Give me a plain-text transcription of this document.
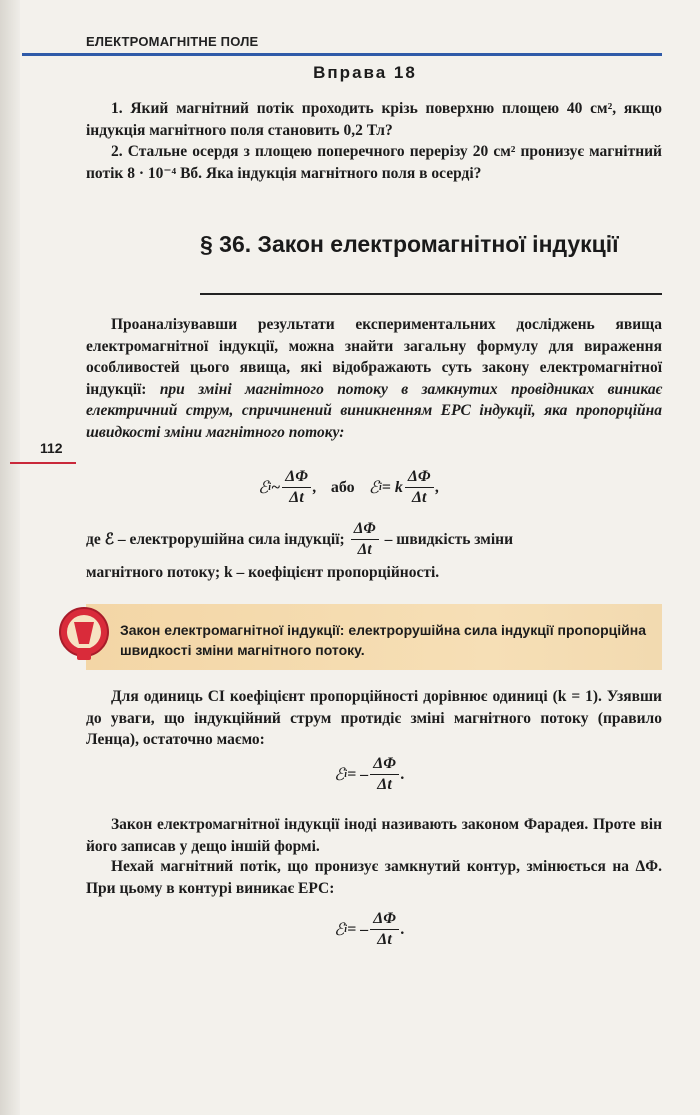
ЕЛЕКТРОМАГНІТНЕ ПОЛЕ
Вправа 18

1. Який магнітний потік проходить крізь поверхню площею 40 см², якщо індукція магнітного поля становить 0,2 Тл?

2. Стальне осердя з площею поперечного перерізу 20 см² пронизує магнітний потік 8 · 10⁻⁴ Вб. Яка індукція магнітного поля в осерді?

§ 36. Закон електромагнітної індукції

Проаналізувавши результати експериментальних досліджень явища електромагнітної індукції, можна знайти загальну формулу для вираження особливостей цього явища, які відображають суть закону електромагнітної індукції: при зміні магнітного потоку в замкнутих провідниках виникає електричний струм, спричинений виникненням ЕРС індукції, яка пропорційна швидкості зміни магнітного потоку:

112
ℰ i ~ $\frac{\Delta\Phi}{\Delta t}$ , або ℰ i = k $\frac{\Delta\Phi}{\Delta t}$ ,
де ℰ – електрорушійна сила індукції; $\frac{\Delta\Phi}{\Delta t}$ – швидкість зміни

магнітного потоку; k – коефіцієнт пропорційності.

Закон електромагнітної індукції: електрорушійна сила індукції пропорційна швидкості зміни магнітного потоку.

Для одиниць СІ коефіцієнт пропорційності дорівнює одиниці (k = 1). Узявши до уваги, що індукційний струм протидіє зміні магнітного потоку (правило Ленца), остаточно маємо:

ℰ i = – $\frac{\Delta\Phi}{\Delta t}$ .

Закон електромагнітної індукції іноді називають законом Фарадея. Проте він його записав у дещо іншій формі.

Нехай магнітний потік, що пронизує замкнутий контур, змінюється на ΔΦ. При цьому в контурі виникає ЕРС:

ℰ i = – $\frac{\Delta\Phi}{\Delta t}$ .
